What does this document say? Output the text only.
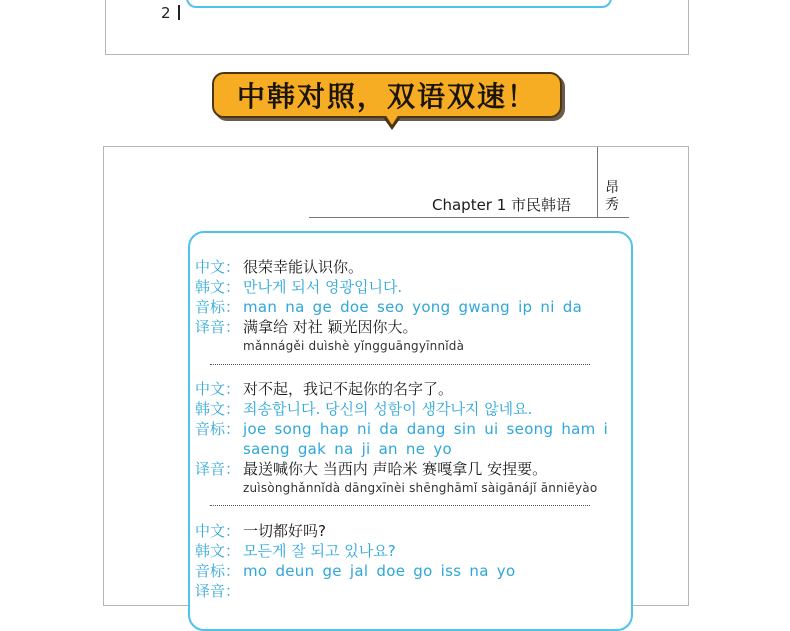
2
中韩对照，双语双速！
Chapter 1 市民韩语
昂秀
中文： 很荣幸能认识你。
韩文： 만나게 되서 영광입니다.
音标： man na ge doe seo yong gwang ip ni da
译音： 满拿给 对社 颖光因你大。
mǎnnágěi duìshè yǐngguāngyīnnǐdà
中文： 对不起，我记不起你的名字了。
韩文： 죄송합니다. 당신의 성함이 생각나지 않네요.
音标： joe song hap ni da dang sin ui seong ham i saeng gak na ji an ne yo
译音： 最送喊你大 当西内 声哈米 赛嘎拿几 安捏要。
zuìsònghǎnnǐdà dāngxīnèi shēnghāmǐ sàigānájǐ ānniēyào
中文： 一切都好吗?
韩文： 모든게 잘 되고 있나요?
音标： mo deun ge jal doe go iss na yo
译音：
